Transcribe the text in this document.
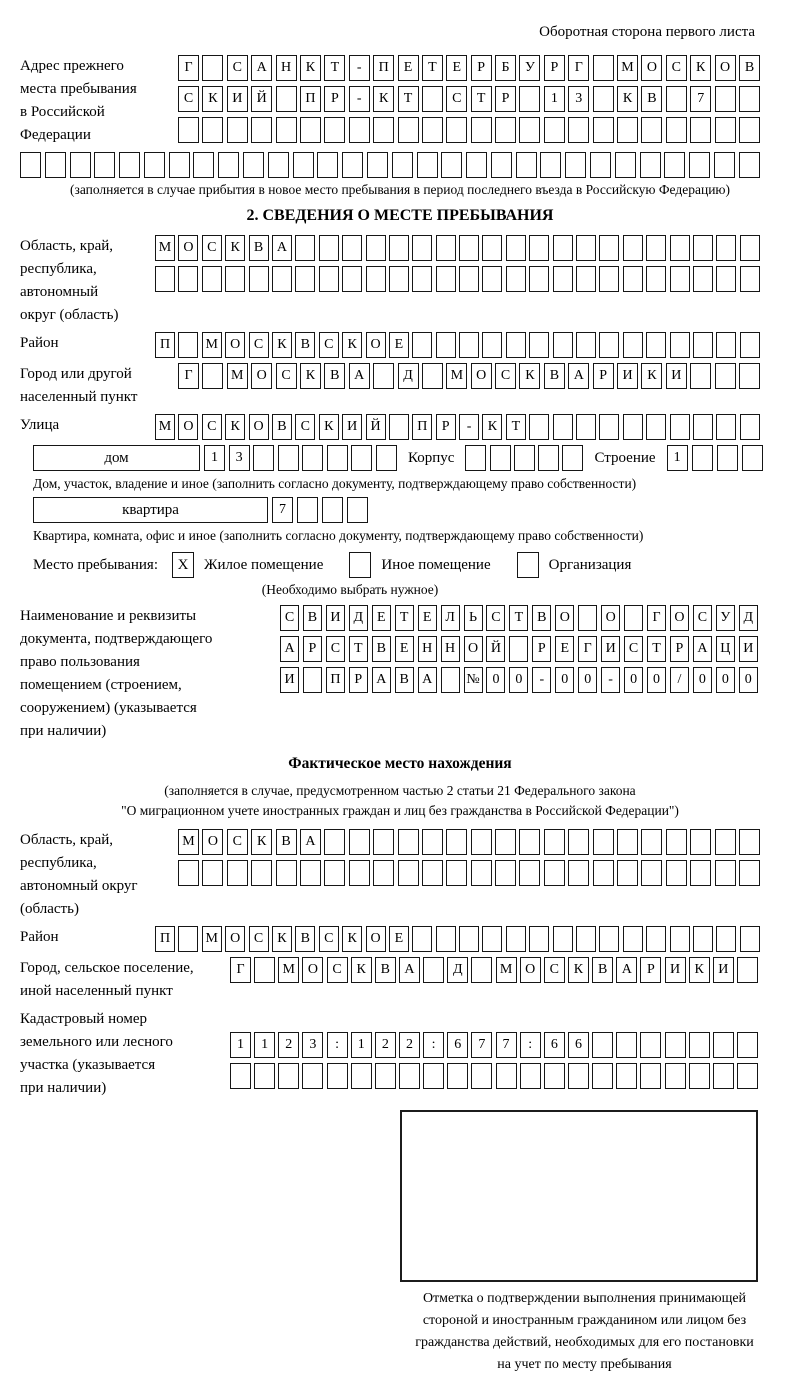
Оборотная сторона первого листа
Адрес прежнего
места пребывания
в Российской
Федерации
Г	С	А	Н	К	Т	-	П	Е	Т	Е	Р	Б	У	Р	Г	М О	С	К	О	В
С	К	И	Й	П	Р	-	К	Т	С	Т	Р	1	3	К	В	7
(заполняется в случае прибытия в новое место пребывания в период последнего въезда в Российскую Федерацию)
2. СВЕДЕНИЯ О МЕСТЕ ПРЕБЫВАНИЯ
Область, край,
республика,
автономный
округ (область)
М О С	К	В А
Район	П	М О С	К	В	С	К О	Е
Город или другой
населенный пункт
Г	М О	С	К	В	А	Д	М О	С	К	В	А	Р	И	К	И
Улица	М О С	К О В	С	К И Й	П	Р	-	К	Т
дом	1	3	Корпус	Строение	1
Дом, участок, владение и иное (заполнить согласно документу, подтверждающему право собственности)
квартира	7
Квартира, комната, офис и иное (заполнить согласно документу, подтверждающему право собственности)
Место пребывания:	X	Жилое помещение	Иное помещение	Организация
(Необходимо выбрать нужное)
Наименование и реквизиты
документа, подтверждающего
право пользования
помещением (строением,
сооружением) (указывается
при наличии)
С В И Д Е	Т	Е Л	Ь	С Т В О	О	Г О С У Д
А Р	С Т В Е Н Н О Й	Р	Е	Г И С Т	Р А Ц И
И	П Р А В А	№ 0	0	-	0	0	-	0	0	/	0	0	0
Фактическое место нахождения
(заполняется в случае, предусмотренном частью 2 статьи 21 Федерального закона
"О миграционном учете иностранных граждан и лиц без гражданства в Российской Федерации")
Область, край,
республика,
автономный округ
(область)
М О	С	К	В	А
Район	П	М О С	К	В	С	К О	Е
Город, сельское поселение,
иной населенный пункт
Г	М О	С	К	В	А	Д	М О	С	К	В	А	Р	И	К	И
Кадастровый номер
земельного или лесного
участка (указывается
при наличии)
1	1	2	3	:	1	2	2	:	6	7	7	:	6	6
Отметка о подтверждении выполнения принимающей
стороной и иностранным гражданином или лицом без
гражданства действий, необходимых для его постановки
на учет по месту пребывания
